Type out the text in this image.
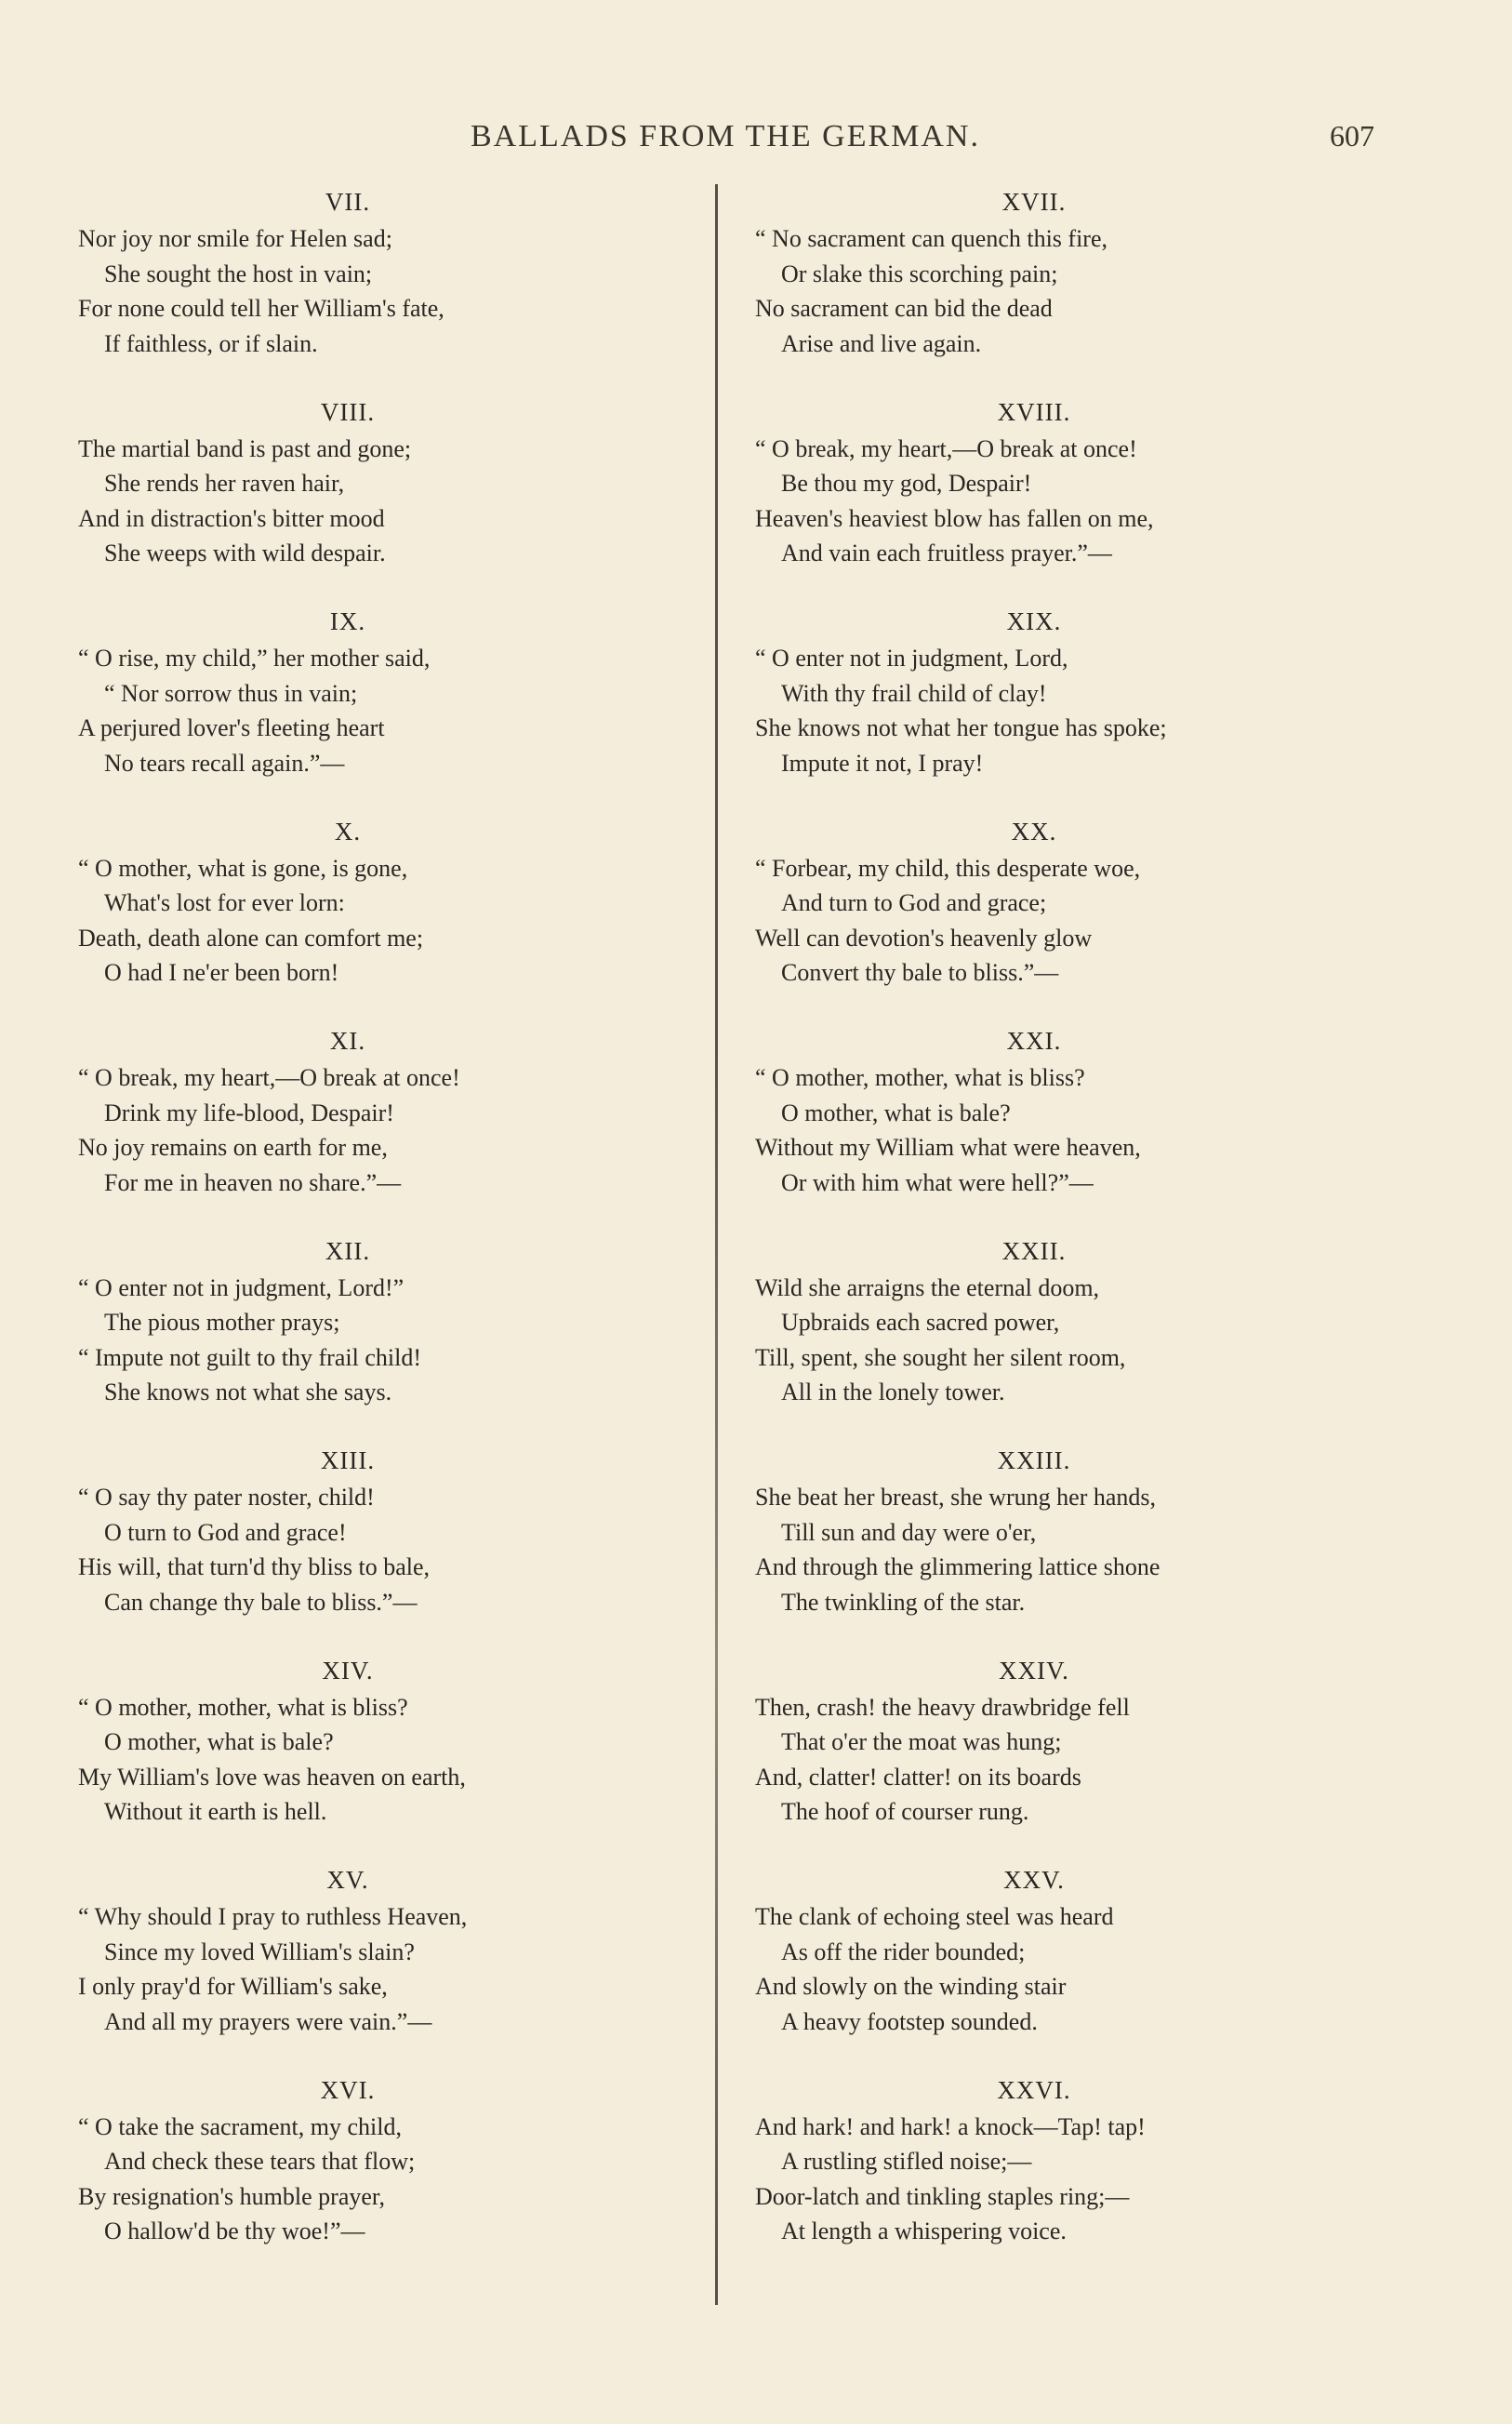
BALLADS FROM THE GERMAN.	607
VII.
Nor joy nor smile for Helen sad;
She sought the host in vain;
For none could tell her William's fate,
If faithless, or if slain.
VIII.
The martial band is past and gone;
She rends her raven hair,
And in distraction's bitter mood
She weeps with wild despair.
IX.
“ O rise, my child,” her mother said,
“ Nor sorrow thus in vain;
A perjured lover's fleeting heart
No tears recall again.”—
X.
“ O mother, what is gone, is gone,
What's lost for ever lorn:
Death, death alone can comfort me;
O had I ne'er been born!
XI.
“ O break, my heart,—O break at once!
Drink my life-blood, Despair!
No joy remains on earth for me,
For me in heaven no share.”—
XII.
“ O enter not in judgment, Lord!”
The pious mother prays;
“ Impute not guilt to thy frail child!
She knows not what she says.
XIII.
“ O say thy pater noster, child!
O turn to God and grace!
His will, that turn'd thy bliss to bale,
Can change thy bale to bliss.”—
XIV.
“ O mother, mother, what is bliss?
O mother, what is bale?
My William's love was heaven on earth,
Without it earth is hell.
XV.
“ Why should I pray to ruthless Heaven,
Since my loved William's slain?
I only pray'd for William's sake,
And all my prayers were vain.”—
XVI.
“ O take the sacrament, my child,
And check these tears that flow;
By resignation's humble prayer,
O hallow'd be thy woe!”—
XVII.
“ No sacrament can quench this fire,
Or slake this scorching pain;
No sacrament can bid the dead
Arise and live again.
XVIII.
“ O break, my heart,—O break at once!
Be thou my god, Despair!
Heaven's heaviest blow has fallen on me,
And vain each fruitless prayer.”—
XIX.
“ O enter not in judgment, Lord,
With thy frail child of clay!
She knows not what her tongue has spoke;
Impute it not, I pray!
XX.
“ Forbear, my child, this desperate woe,
And turn to God and grace;
Well can devotion's heavenly glow
Convert thy bale to bliss.”—
XXI.
“ O mother, mother, what is bliss?
O mother, what is bale?
Without my William what were heaven,
Or with him what were hell?”—
XXII.
Wild she arraigns the eternal doom,
Upbraids each sacred power,
Till, spent, she sought her silent room,
All in the lonely tower.
XXIII.
She beat her breast, she wrung her hands,
Till sun and day were o'er,
And through the glimmering lattice shone
The twinkling of the star.
XXIV.
Then, crash! the heavy drawbridge fell
That o'er the moat was hung;
And, clatter! clatter! on its boards
The hoof of courser rung.
XXV.
The clank of echoing steel was heard
As off the rider bounded;
And slowly on the winding stair
A heavy footstep sounded.
XXVI.
And hark! and hark! a knock—Tap! tap!
A rustling stifled noise;—
Door-latch and tinkling staples ring;—
At length a whispering voice.
